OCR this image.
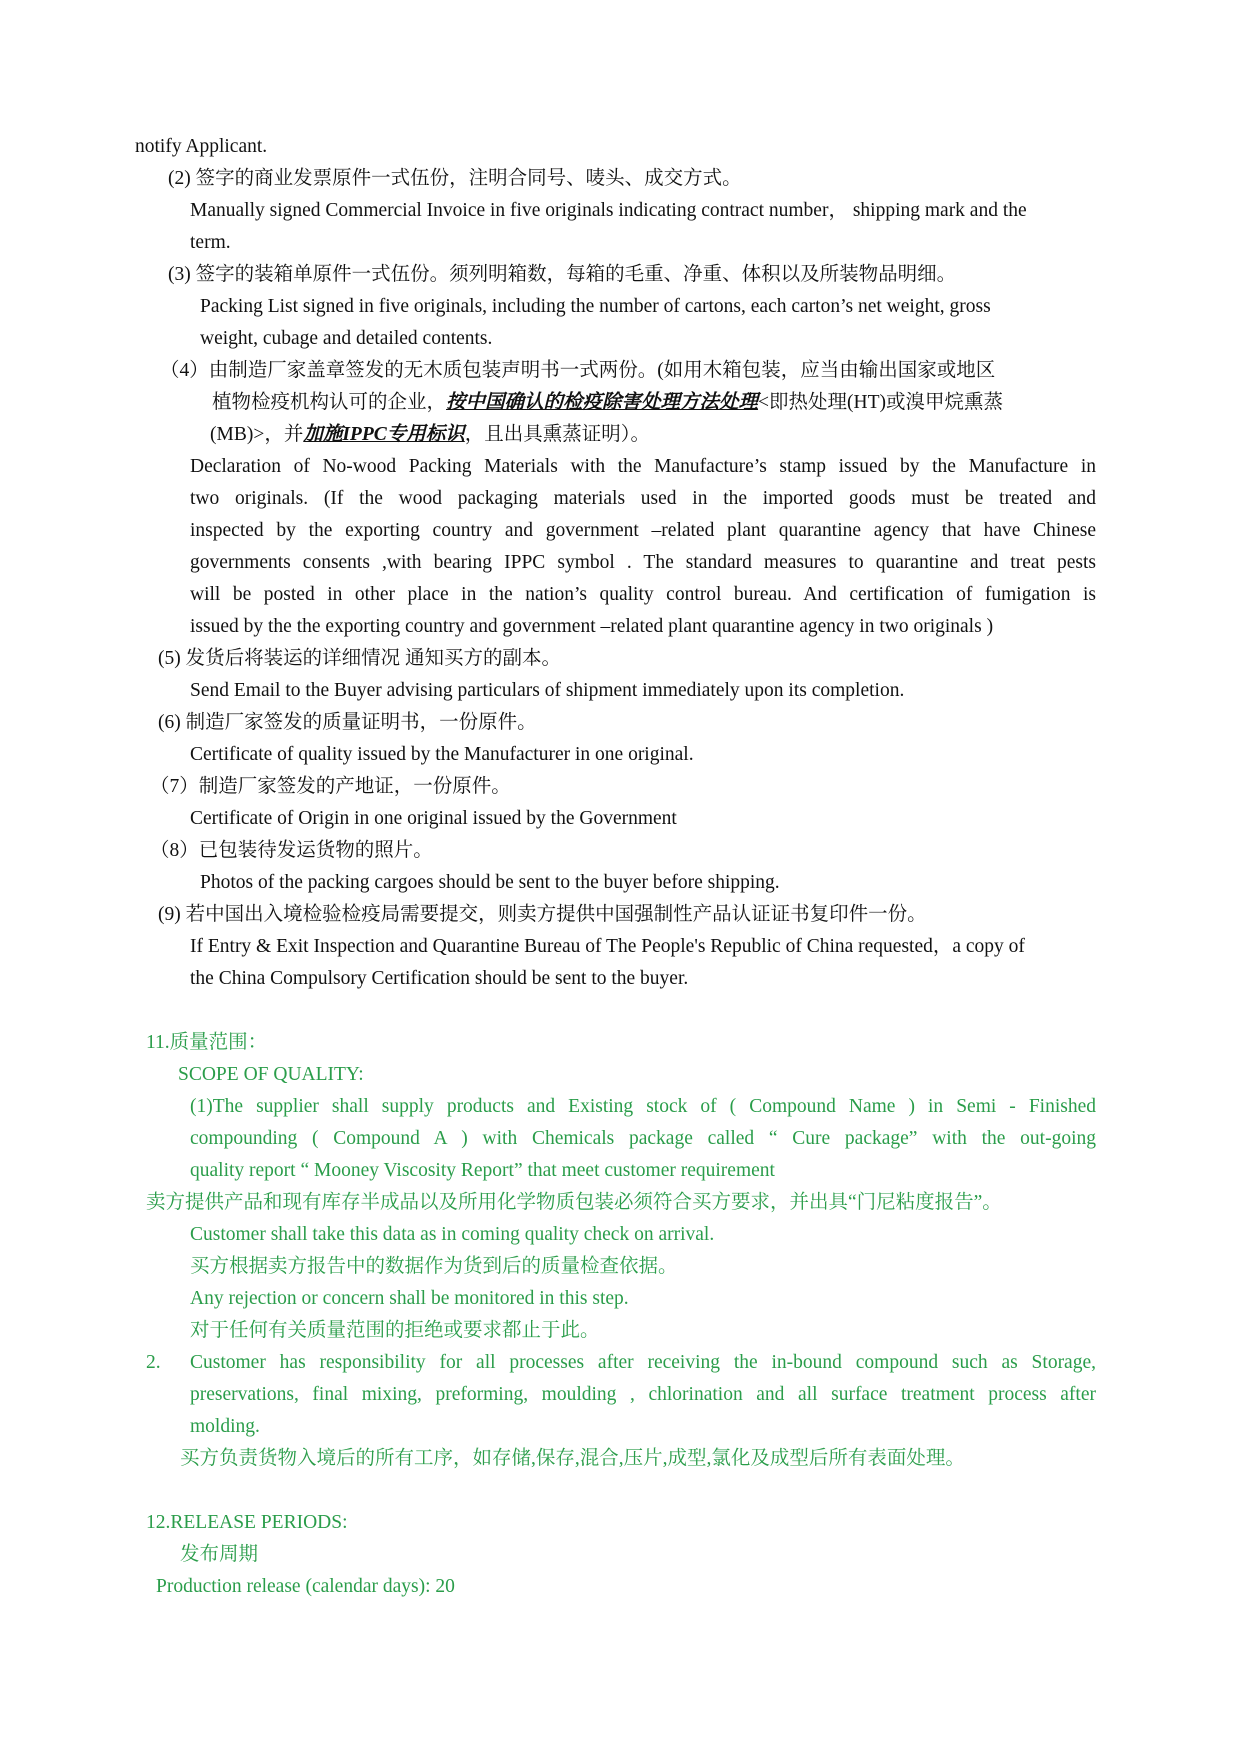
notify Applicant.
(2) 签字的商业发票原件一式伍份，注明合同号、唛头、成交方式。
Manually signed Commercial Invoice in five originals indicating contract number， shipping mark and the
term.
(3) 签字的装箱单原件一式伍份。须列明箱数，每箱的毛重、净重、体积以及所装物品明细。
Packing List signed in five originals, including the number of cartons, each carton’s net weight, gross
weight, cubage and detailed contents.
（4）由制造厂家盖章签发的无木质包装声明书一式两份。(如用木箱包装，应当由输出国家或地区
植物检疫机构认可的企业，按中国确认的检疫除害处理方法处理<即热处理(HT)或溴甲烷熏蒸
(MB)>，并加施IPPC专用标识，且出具熏蒸证明）。
Declaration of No-wood Packing Materials with the Manufacture’s stamp issued by the Manufacture in
two originals. (If the wood packaging materials used in the imported goods must be treated and
inspected by the exporting country and government –related plant quarantine agency that have Chinese
governments consents ,with bearing IPPC symbol . The standard measures to quarantine and treat pests
will be posted in other place in the nation’s quality control bureau. And certification of fumigation is
issued by the the exporting country and government –related plant quarantine agency in two originals )
(5) 发货后将装运的详细情况 通知买方的副本。
Send Email to the Buyer advising particulars of shipment immediately upon its completion.
(6) 制造厂家签发的质量证明书，一份原件。
Certificate of quality issued by the Manufacturer in one original.
（7）制造厂家签发的产地证，一份原件。
Certificate of Origin in one original issued by the Government
（8）已包装待发运货物的照片。
Photos of the packing cargoes should be sent to the buyer before shipping.
(9) 若中国出入境检验检疫局需要提交，则卖方提供中国强制性产品认证证书复印件一份。
If Entry & Exit Inspection and Quarantine Bureau of The People's Republic of China requested，a copy of
the China Compulsory Certification should be sent to the buyer.
11.质量范围：
SCOPE OF QUALITY:
(1)The supplier shall supply products and Existing stock of ( Compound Name ) in Semi - Finished
compounding ( Compound A ) with Chemicals package called “ Cure package” with the out-going
quality report “ Mooney Viscosity Report” that meet customer requirement
卖方提供产品和现有库存半成品以及所用化学物质包装必须符合买方要求，并出具“门尼粘度报告”。
Customer shall take this data as in coming quality check on arrival.
买方根据卖方报告中的数据作为货到后的质量检查依据。
Any rejection or concern shall be monitored in this step.
对于任何有关质量范围的拒绝或要求都止于此。
2. Customer has responsibility for all processes after receiving the in-bound compound such as Storage,
preservations, final mixing, preforming, moulding , chlorination and all surface treatment process after
molding.
买方负责货物入境后的所有工序，如存储,保存,混合,压片,成型,氯化及成型后所有表面处理。
12.RELEASE PERIODS:
发布周期
Production release (calendar days): 20
